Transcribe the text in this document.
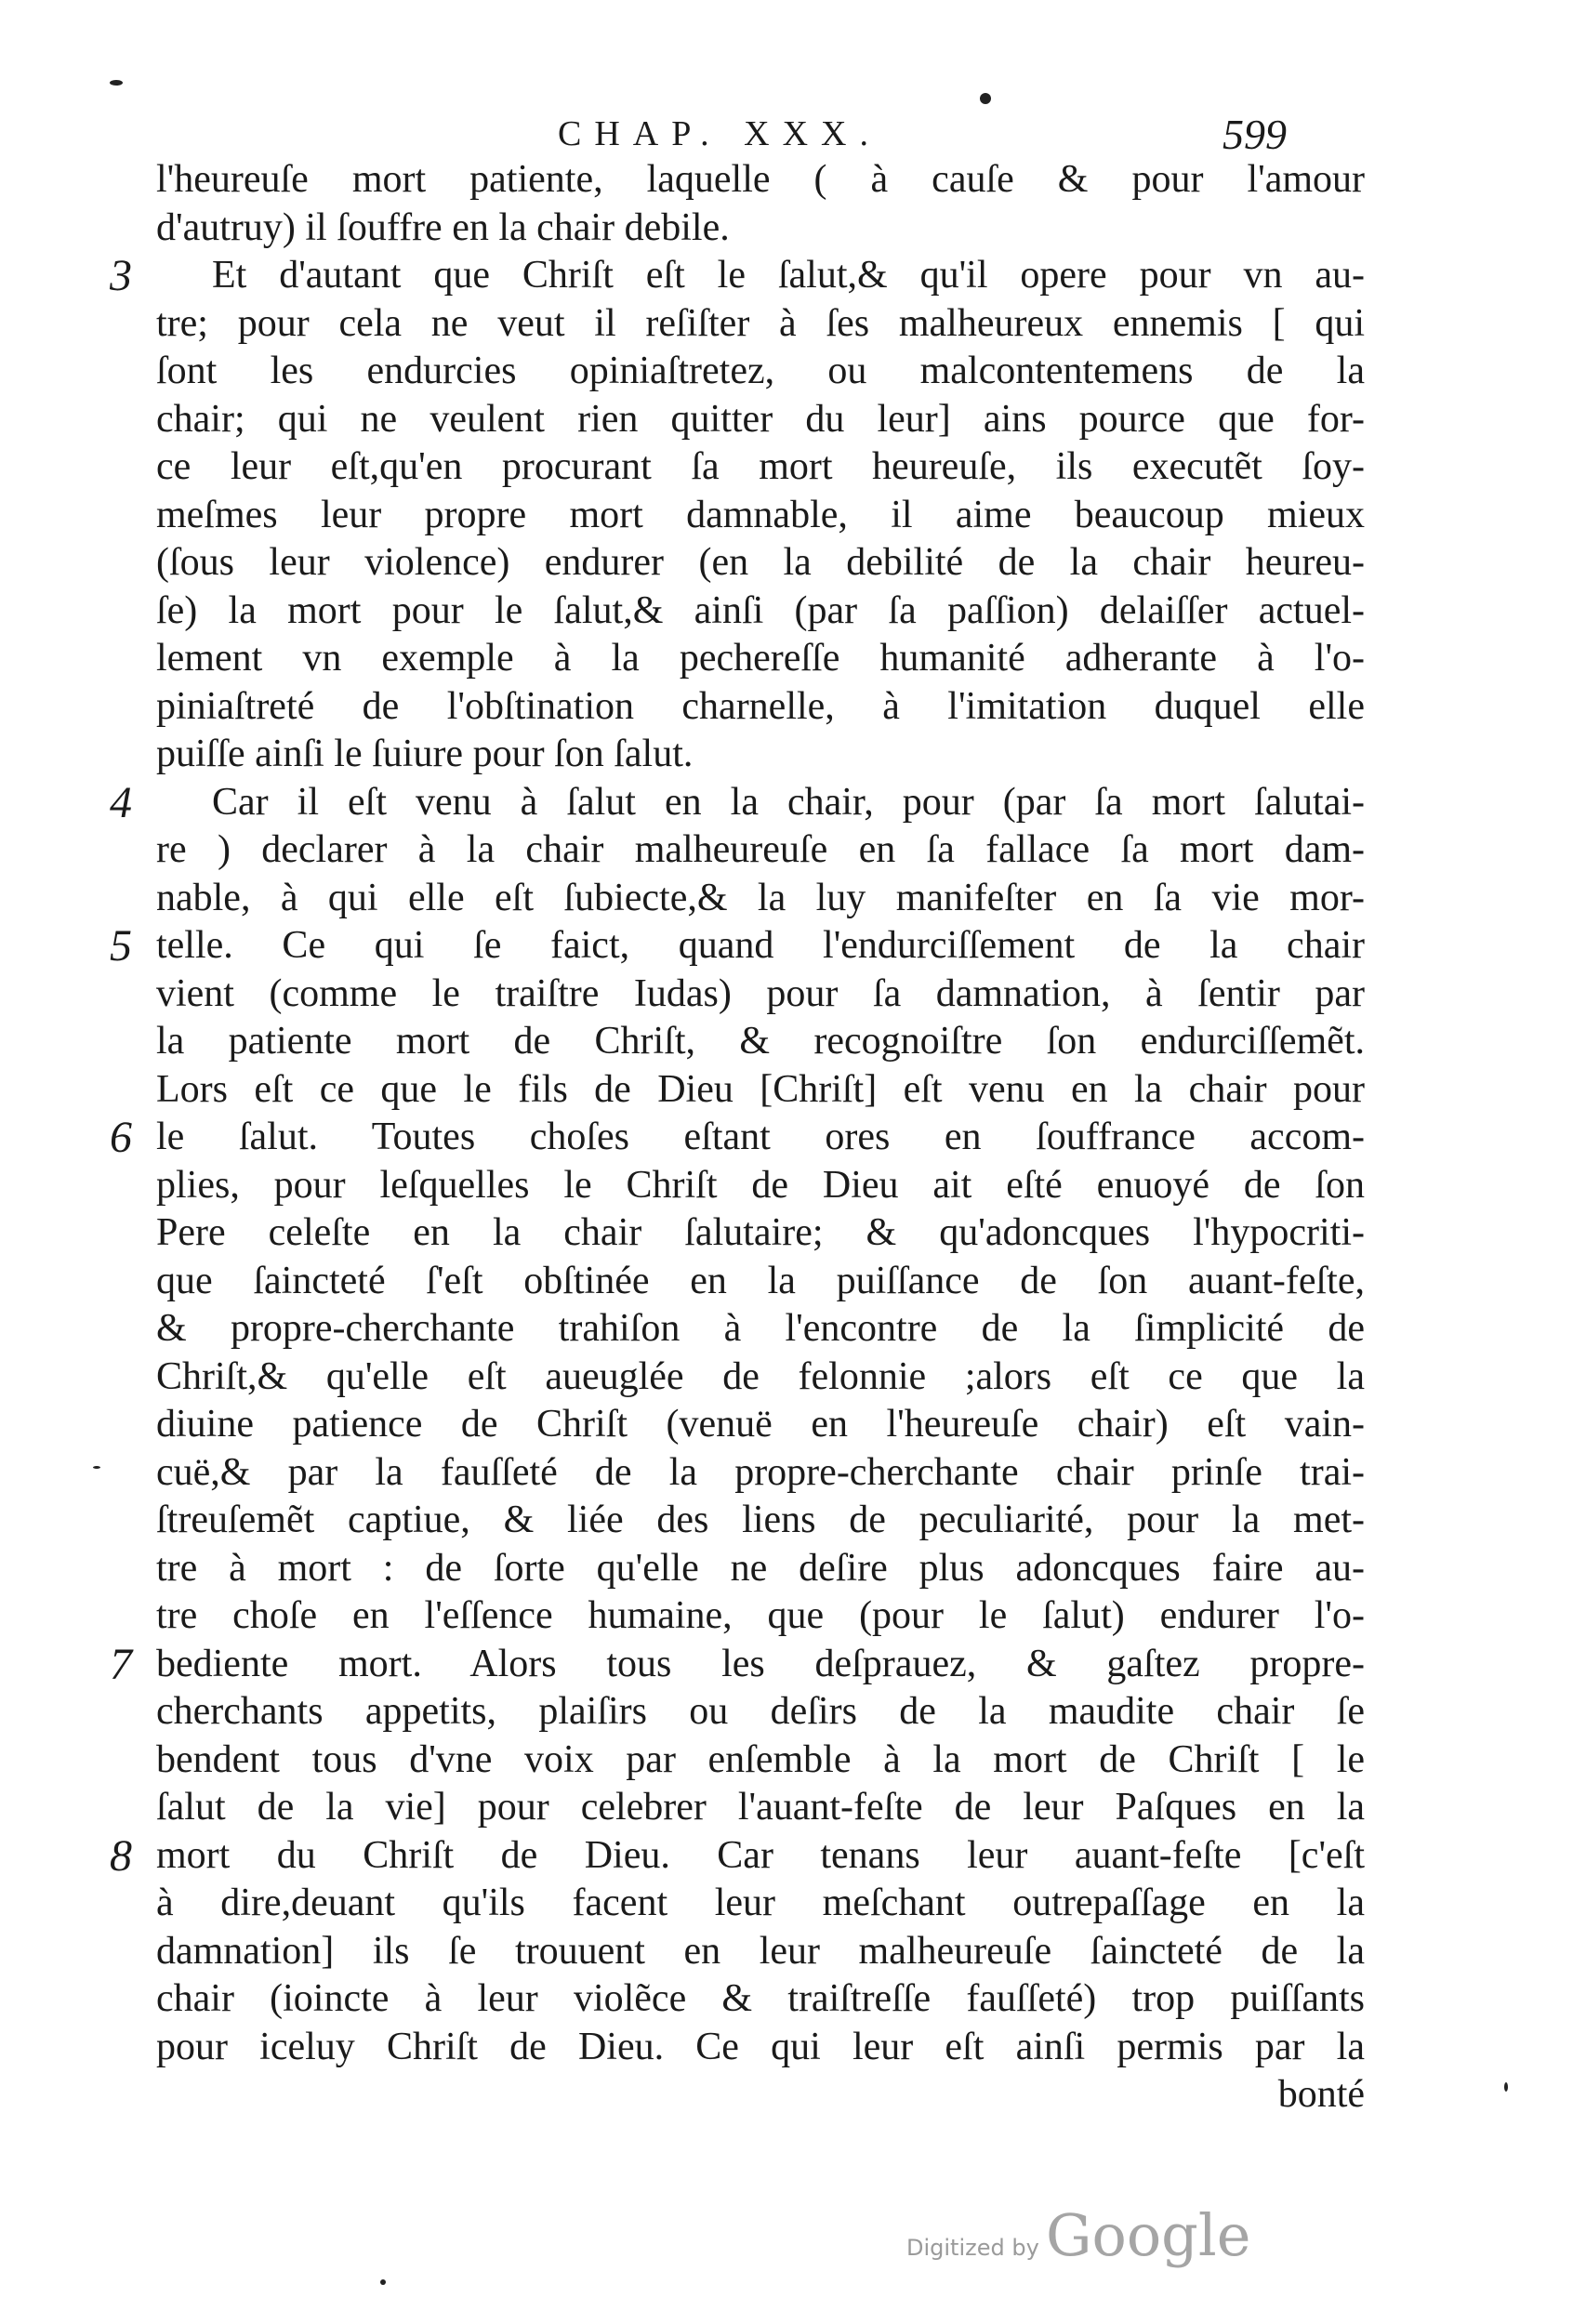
CHAP. XXX.	599
l'heureuſe mort patiente, laquelle ( à cauſe & pour l'amour
d'autruy) il ſouffre en la chair debile.
3 Et d'autant que Chriſt eſt le ſalut,& qu'il opere pour vn au-
tre; pour cela ne veut il reſiſter à ſes malheureux ennemis [ qui
ſont les endurcies opiniaſtretez, ou malcontentemens de la
chair; qui ne veulent rien quitter du leur] ains pource que for-
ce leur eſt,qu'en procurant ſa mort heureuſe, ils executẽt ſoy-
meſmes leur propre mort damnable, il aime beaucoup mieux
(ſous leur violence) endurer (en la debilité de la chair heureu-
ſe) la mort pour le ſalut,& ainſi (par ſa paſſion) delaiſſer actuel-
lement vn exemple à la pechereſſe humanité adherante à l'o-
piniaſtreté de l'obſtination charnelle, à l'imitation duquel elle
puiſſe ainſi le ſuiure pour ſon ſalut.
4 Car il eſt venu à ſalut en la chair, pour (par ſa mort ſalutai-
re ) declarer à la chair malheureuſe en ſa fallace ſa mort dam-
nable, à qui elle eſt ſubiecte,& la luy manifeſter en ſa vie mor-
5 telle. Ce qui ſe faict, quand l'endurciſſement de la chair
vient (comme le traiſtre Iudas) pour ſa damnation, à ſentir par
la patiente mort de Chriſt, & recognoiſtre ſon endurciſſemẽt.
Lors eſt ce que le fils de Dieu [Chriſt] eſt venu en la chair pour
6 le ſalut. Toutes choſes eſtant ores en ſouffrance accom-
plies, pour leſquelles le Chriſt de Dieu ait eſté enuoyé de ſon
Pere celeſte en la chair ſalutaire; & qu'adoncques l'hypocriti-
que ſaincteté ſ'eſt obſtinée en la puiſſance de ſon auant-feſte,
& propre-cherchante trahiſon à l'encontre de la ſimplicité de
Chriſt,& qu'elle eſt aueuglée de felonnie ;alors eſt ce que la
diuine patience de Chriſt (venuë en l'heureuſe chair) eſt vain-
cuë,& par la fauſſeté de la propre-cherchante chair prinſe trai-
ſtreuſemẽt captiue, & liée des liens de peculiarité, pour la met-
tre à mort : de ſorte qu'elle ne deſire plus adoncques faire au-
tre choſe en l'eſſence humaine, que (pour le ſalut) endurer l'o-
7 bediente mort. Alors tous les deſprauez, & gaſtez propre-
cherchants appetits, plaiſirs ou deſirs de la maudite chair ſe
bendent tous d'vne voix par enſemble à la mort de Chriſt [ le
ſalut de la vie] pour celebrer l'auant-feſte de leur Paſques en la
8 mort du Chriſt de Dieu. Car tenans leur auant-feſte [c'eſt
à dire,deuant qu'ils facent leur meſchant outrepaſſage en la
damnation] ils ſe trouuent en leur malheureuſe ſaincteté de la
chair (ioincte à leur violẽce & traiſtreſſe fauſſeté) trop puiſſants
pour iceluy Chriſt de Dieu. Ce qui leur eſt ainſi permis par la
bonté
Digitized by Google
